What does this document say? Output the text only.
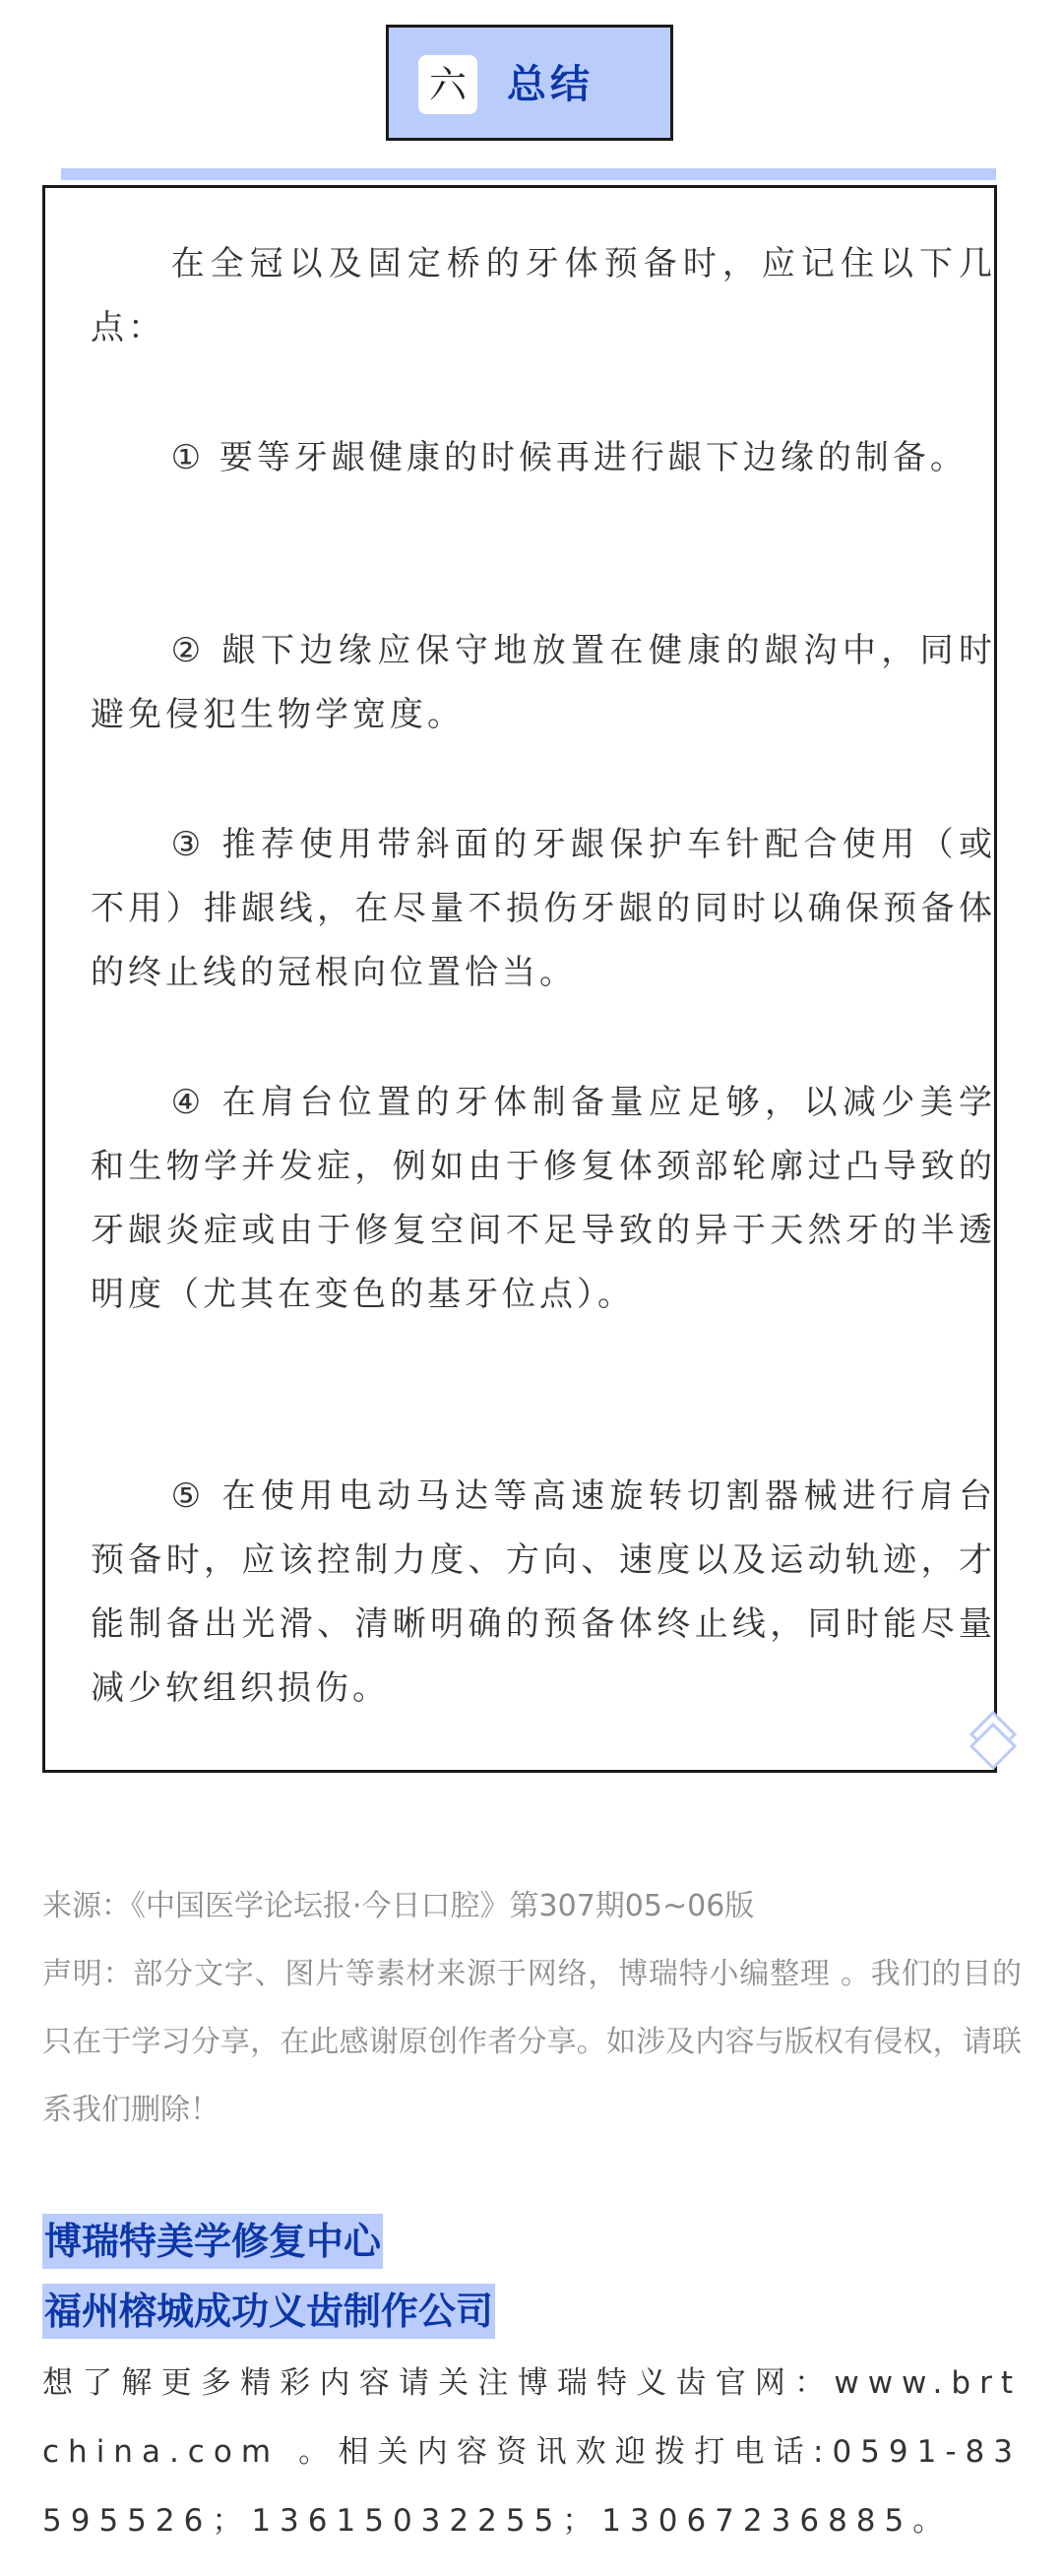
六 总结

在全冠以及固定桥的牙体预备时，应记住以下几点：

① 要等牙龈健康的时候再进行龈下边缘的制备。

② 龈下边缘应保守地放置在健康的龈沟中，同时避免侵犯生物学宽度。

③ 推荐使用带斜面的牙龈保护车针配合使用（或不用）排龈线，在尽量不损伤牙龈的同时以确保预备体的终止线的冠根向位置恰当。

④ 在肩台位置的牙体制备量应足够，以减少美学和生物学并发症，例如由于修复体颈部轮廓过凸导致的牙龈炎症或由于修复空间不足导致的异于天然牙的半透明度（尤其在变色的基牙位点）。

⑤ 在使用电动马达等高速旋转切割器械进行肩台预备时，应该控制力度、方向、速度以及运动轨迹，才能制备出光滑、清晰明确的预备体终止线，同时能尽量减少软组织损伤。

来源：《中国医学论坛报·今日口腔》第307期05~06版

声明：部分文字、图片等素材来源于网络，博瑞特小编整理 。我们的目的只在于学习分享，在此感谢原创作者分享。如涉及内容与版权有侵权，请联系我们删除！

博瑞特美学修复中心
福州榕城成功义齿制作公司

想了解更多精彩内容请关注博瑞特义齿官网：www.brtchina.com 。相关内容资讯欢迎拨打电话:0591-83595526；13615032255；13067236885。
